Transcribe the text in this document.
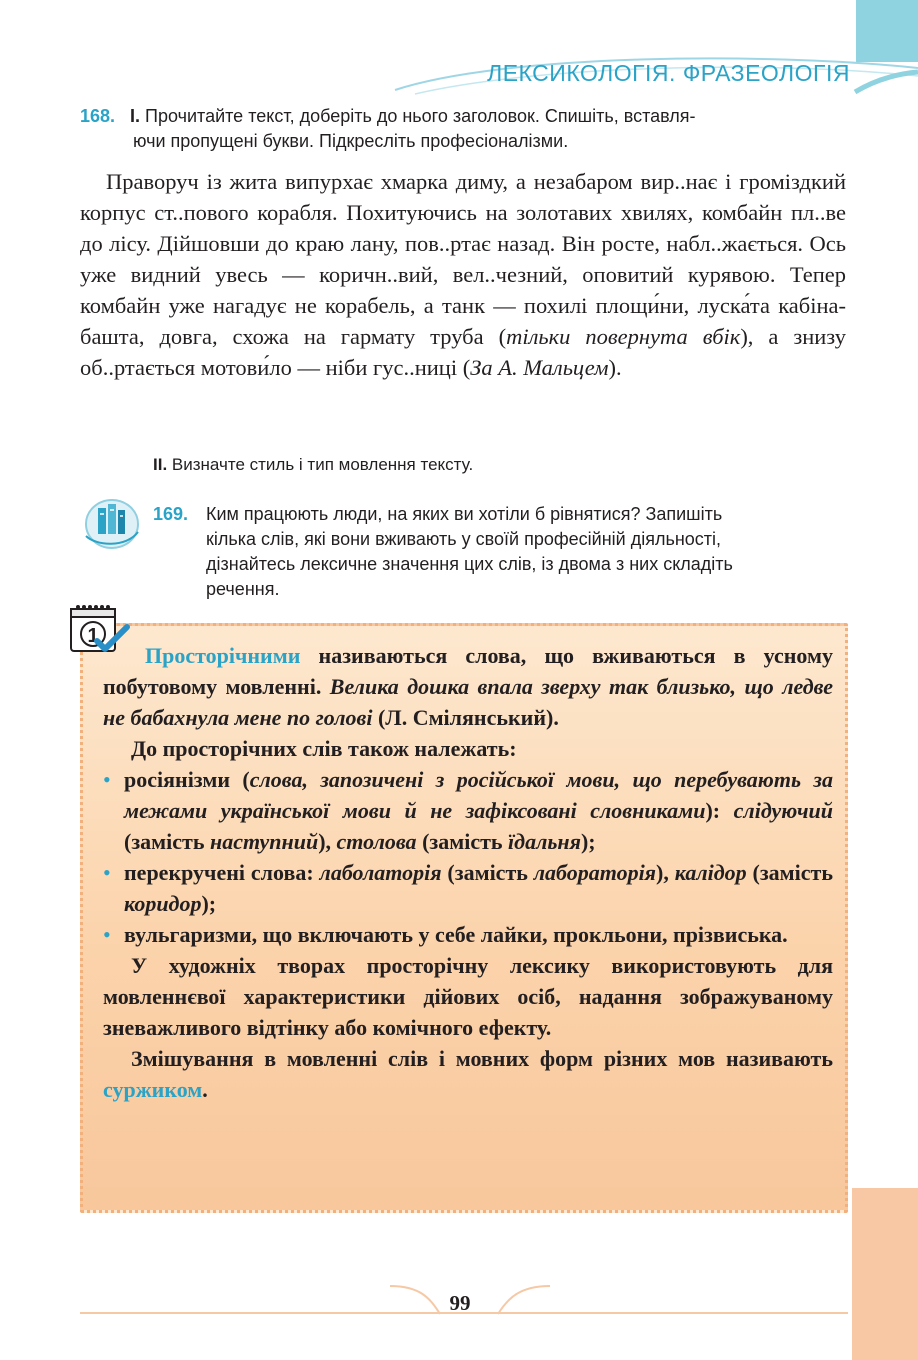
ЛЕКСИКОЛОГІЯ. ФРАЗЕОЛОГІЯ
168. I. Прочитайте текст, доберіть до нього заголовок. Спишіть, вставля-
ючи пропущені букви. Підкресліть професіоналізми.

Праворуч із жита випурхає хмарка диму, а незабаром вир..нає і громіздкий корпус ст..пового корабля. Похитуючись на золотавих хвилях, комбайн пл..ве до лісу. Дійшовши до краю лану, пов..ртає назад. Він росте, набл..жається. Ось уже видний увесь — коричн..вий, вел..чезний, оповитий курявою. Тепер комбайн уже нагадує не корабель, а танк — похилі площи́ни, луска́та кабіна-башта, довга, схожа на гармату труба (тільки повернута вбік), а знизу об..ртається мотови́ло — ніби гус..ниці (За А. Мальцем).

II. Визначте стиль і тип мовлення тексту.
169. Ким працюють люди, на яких ви хотіли б рівнятися? Запишіть
кілька слів, які вони вживають у своїй професійній діяльності,
дізнайтесь лексичне значення цих слів, із двома з них складіть
речення.

Просторічними називаються слова, що вживаються в усному побутовому мовленні. Велика дошка впала зверху так близько, що ледве не бабахнула мене по голові (Л. Смілянський).

До просторічних слів також належать:

• росіянізми (слова, запозичені з російської мови, що перебувають за межами української мови й не зафіксовані словниками): слідуючий (замість наступний), столова (замість їдальня);
• перекручені слова: лаболаторія (замість лабораторія), калідор (замість коридор);
• вульгаризми, що включають у себе лайки, прокльони, прізвиська.

У художніх творах просторічну лексику використовують для мовленнєвої характеристики дійових осіб, надання зображуваному зневажливого відтінку або комічного ефекту.

Змішування в мовленні слів і мовних форм різних мов називають суржиком.

1
99
